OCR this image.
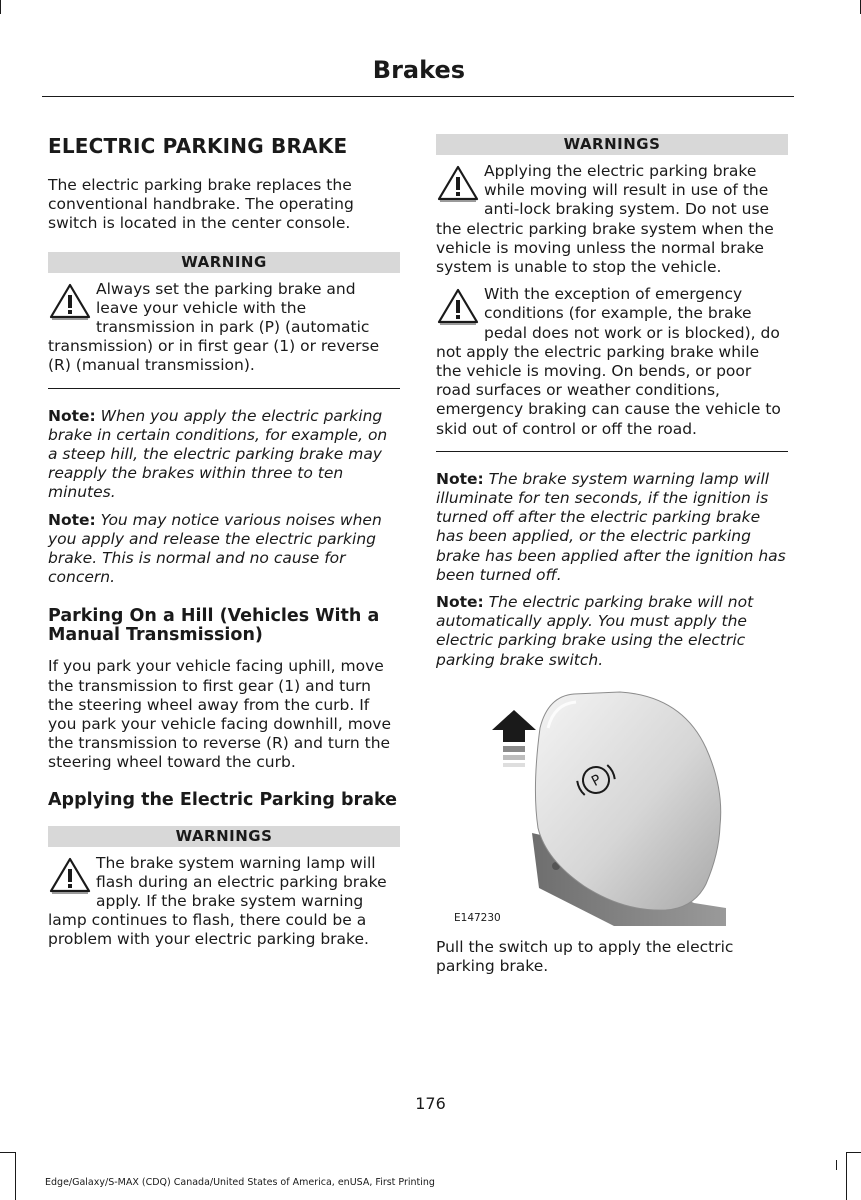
Brakes
ELECTRIC PARKING BRAKE

The electric parking brake replaces the conventional handbrake. The operating switch is located in the center console.

WARNING
Always set the parking brake and leave your vehicle with the transmission in park (P) (automatic transmission) or in first gear (1) or reverse (R) (manual transmission).

Note: When you apply the electric parking brake in certain conditions, for example, on a steep hill, the electric parking brake may reapply the brakes within three to ten minutes.

Note: You may notice various noises when you apply and release the electric parking brake. This is normal and no cause for concern.

Parking On a Hill (Vehicles With a Manual Transmission)

If you park your vehicle facing uphill, move the transmission to first gear (1) and turn the steering wheel away from the curb. If you park your vehicle facing downhill, move the transmission to reverse (R) and turn the steering wheel toward the curb.

Applying the Electric Parking brake
WARNINGS
The brake system warning lamp will flash during an electric parking brake apply. If the brake system warning lamp continues to flash, there could be a problem with your electric parking brake.
WARNINGS
Applying the electric parking brake while moving will result in use of the anti-lock braking system. Do not use the electric parking brake system when the vehicle is moving unless the normal brake system is unable to stop the vehicle.
With the exception of emergency conditions (for example, the brake pedal does not work or is blocked), do not apply the electric parking brake while the vehicle is moving. On bends, or poor road surfaces or weather conditions, emergency braking can cause the vehicle to skid out of control or off the road.

Note: The brake system warning lamp will illuminate for ten seconds, if the ignition is turned off after the electric parking brake has been applied, or the electric parking brake has been applied after the ignition has been turned off.

Note: The electric parking brake will not automatically apply. You must apply the electric parking brake using the electric parking brake switch.

P
E147230

Pull the switch up to apply the electric parking brake.

176
Edge/Galaxy/S-MAX (CDQ) Canada/United States of America, enUSA, First Printing
